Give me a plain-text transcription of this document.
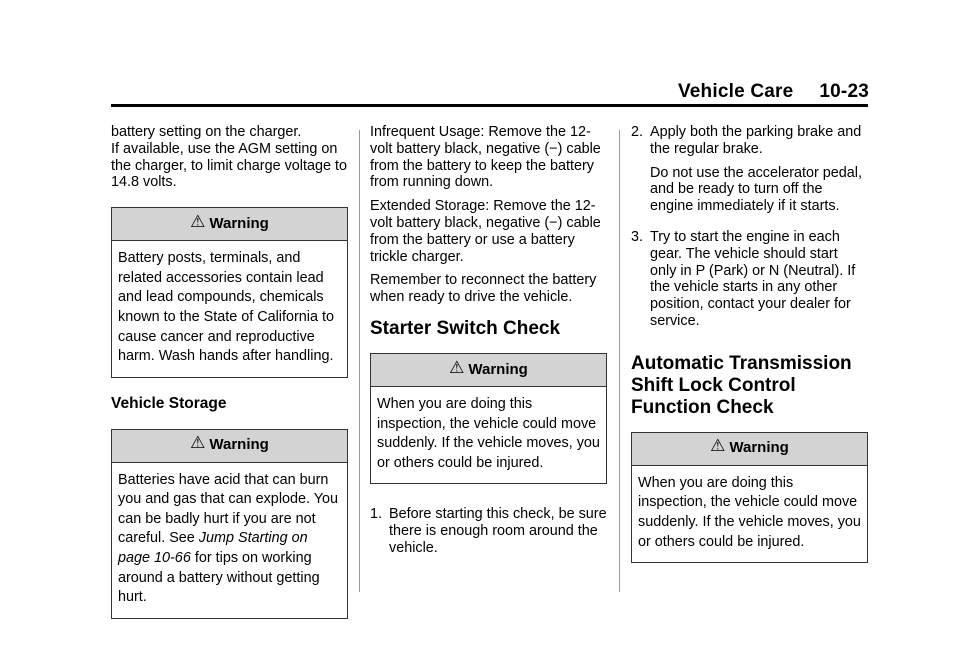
Vehicle Care 10-23

battery setting on the charger.
If available, use the AGM setting on the charger, to limit charge voltage to 14.8 volts.

⚠ Warning

Battery posts, terminals, and related accessories contain lead and lead compounds, chemicals known to the State of California to cause cancer and reproductive harm. Wash hands after handling.

Vehicle Storage
⚠ Warning

Batteries have acid that can burn you and gas that can explode. You can be badly hurt if you are not careful. See Jump Starting on page 10-66 for tips on working around a battery without getting hurt.

Infrequent Usage: Remove the 12-volt battery black, negative (−) cable from the battery to keep the battery from running down.

Extended Storage: Remove the 12-volt battery black, negative (−) cable from the battery or use a battery trickle charger.

Remember to reconnect the battery when ready to drive the vehicle.

Starter Switch Check
⚠ Warning

When you are doing this inspection, the vehicle could move suddenly. If the vehicle moves, you or others could be injured.

1. Before starting this check, be sure there is enough room around the vehicle.
2. Apply both the parking brake and the regular brake.

Do not use the accelerator pedal, and be ready to turn off the engine immediately if it starts.

3. Try to start the engine in each gear. The vehicle should start only in P (Park) or N (Neutral). If the vehicle starts in any other position, contact your dealer for service.

Automatic Transmission Shift Lock Control Function Check
⚠ Warning

When you are doing this inspection, the vehicle could move suddenly. If the vehicle moves, you or others could be injured.
